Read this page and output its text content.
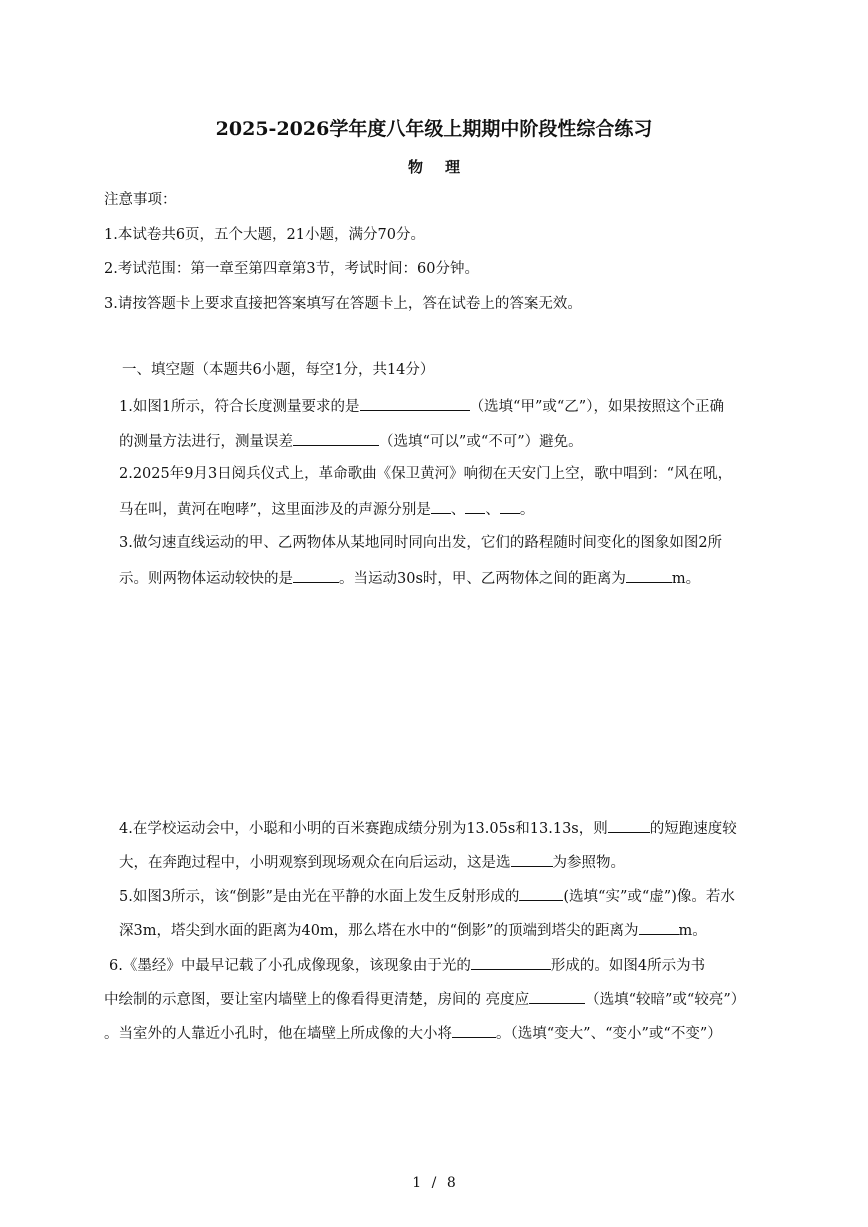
2025-2026学年度八年级上期期中阶段性综合练习
物理
注意事项：
1.本试卷共6页，五个大题，21小题，满分70分。
2.考试范围：第一章至第四章第3节，考试时间：60分钟。
3.请按答题卡上要求直接把答案填写在答题卡上，答在试卷上的答案无效。
一、填空题（本题共6小题，每空1分，共14分）
1.如图1所示，符合长度测量要求的是	（选填“甲”或“乙”），如果按照这个正确
的测量方法进行，测量误差	（选填“可以”或“不可”）避免。
2.2025年9月3日阅兵仪式上，革命歌曲《保卫黄河》响彻在天安门上空，歌中唱到：“风在吼，
马在叫，黄河在咆哮”，这里面涉及的声源分别是 、 、 。
3.做匀速直线运动的甲、乙两物体从某地同时同向出发，它们的路程随时间变化的图象如图2所
示。则两物体运动较快的是	。当运动30s时，甲、乙两物体之间的距离为	m。
4.在学校运动会中，小聪和小明的百米赛跑成绩分别为13.05s和13.13s，则	的短跑速度较
大，在奔跑过程中，小明观察到现场观众在向后运动，这是选	为参照物。
5.如图3所示，该“倒影”是由光在平静的水面上发生反射形成的	(选填“实”或“虚”)像。若水
深3m，塔尖到水面的距离为40m，那么塔在水中的“倒影”的顶端到塔尖的距离为	m。
6.《墨经》中最早记载了小孔成像现象，该现象由于光的	形成的。如图4所示为书
中绘制的示意图，要让室内墙壁上的像看得更清楚，房间的 亮度应	（选填“较暗”或“较亮”）
。当室外的人靠近小孔时，他在墙壁上所成像的大小将	。（选填“变大”、“变小”或“不变”）
1 / 8
